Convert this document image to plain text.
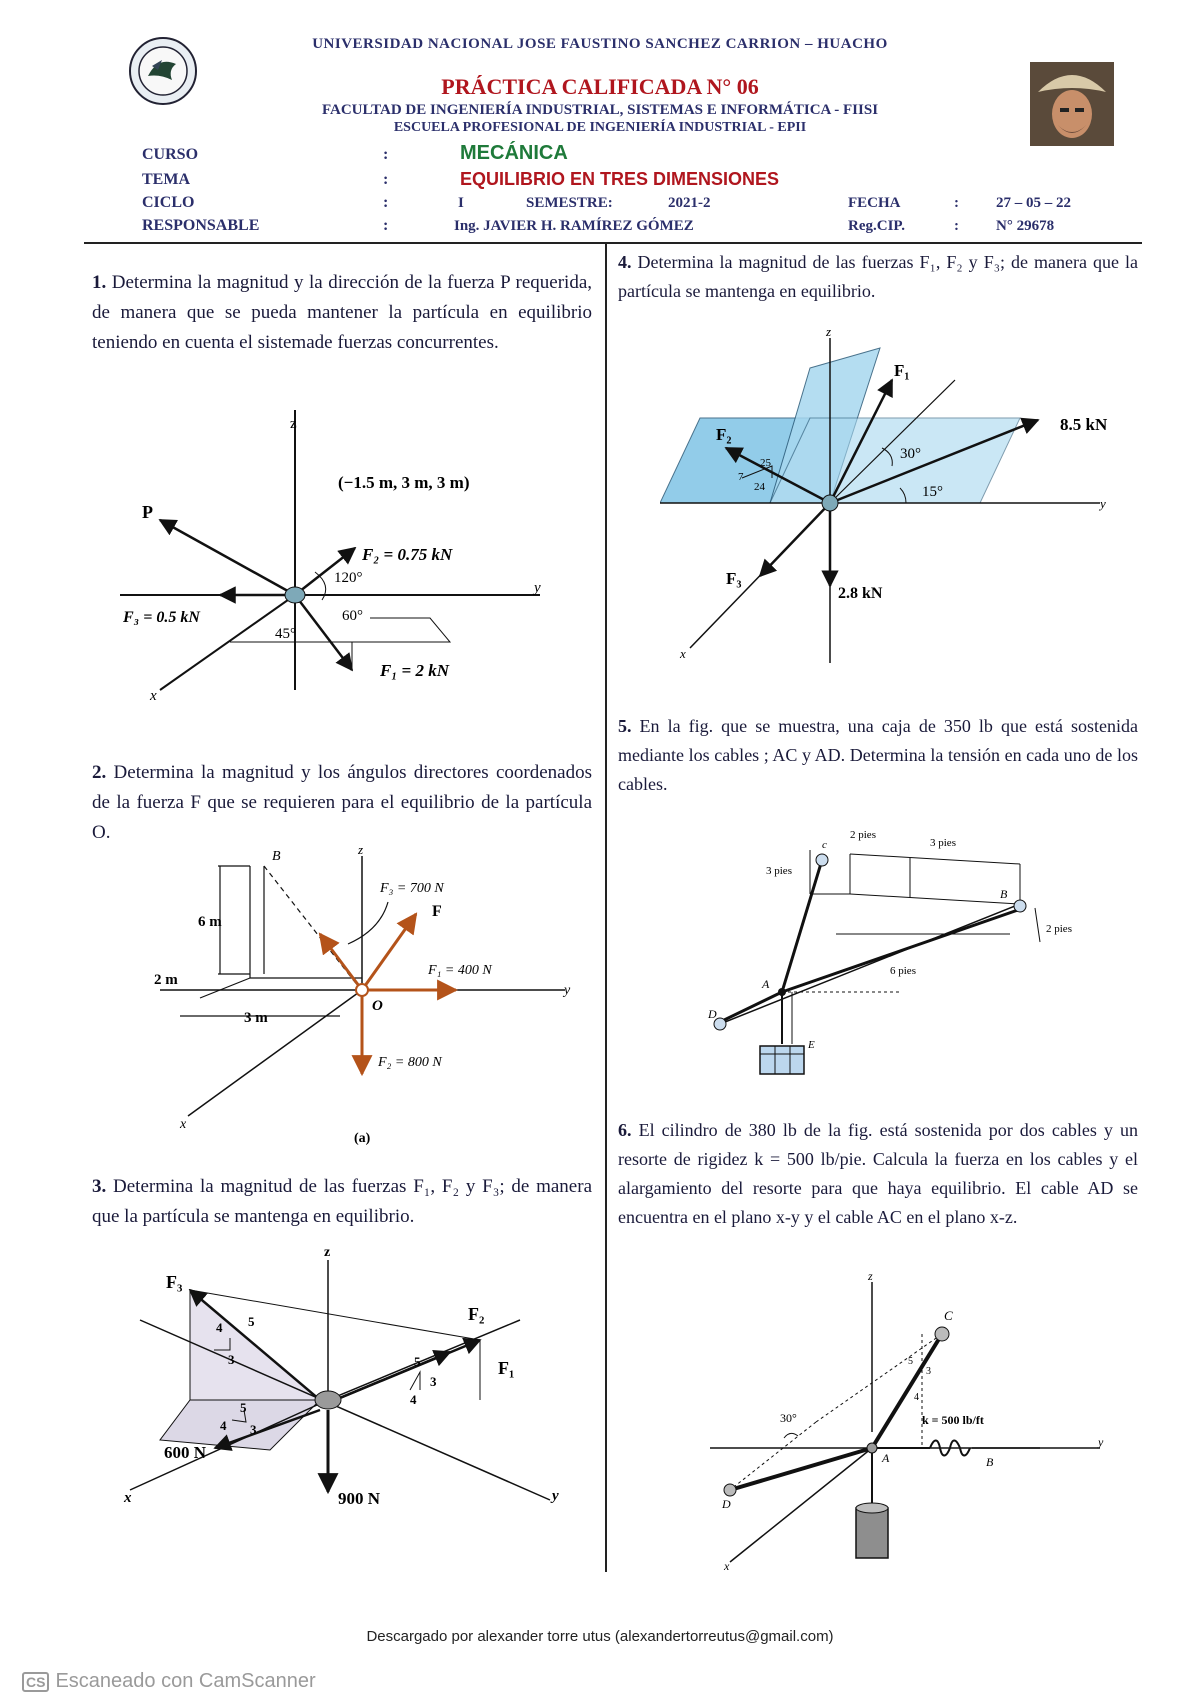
UNIVERSIDAD NACIONAL JOSE FAUSTINO SANCHEZ CARRION – HUACHO
PRÁCTICA CALIFICADA N° 06
FACULTAD DE INGENIERÍA INDUSTRIAL, SISTEMAS E INFORMÁTICA - FIISI
ESCUELA PROFESIONAL DE INGENIERÍA INDUSTRIAL - EPII
CURSO	:	MECÁNICA
TEMA	:	EQUILIBRIO EN TRES DIMENSIONES
CICLO	:	I	SEMESTRE:	2021-2	FECHA	: 27 – 05 – 22
RESPONSABLE	:	Ing. JAVIER H. RAMÍREZ GÓMEZ	Reg.CIP.	: N° 29678
1. Determina la magnitud y la dirección de la fuerza P requerida, de manera que se pueda mantener la partícula en equilibrio teniendo en cuenta el sistemade fuerzas concurrentes.
z
y
x
P
(−1.5 m, 3 m, 3 m)
F₂ = 0.75 kN
F₃ = 0.5 kN
F₁ = 2 kN
120°
60°
45°
2. Determina la magnitud y los ángulos directores coordenados de la fuerza F que se requieren para el equilibrio de la partícula O.
B	z
y
x
F₃ = 700 N
F
F₁ = 400 N
F₂ = 800 N
O
6 m
2 m
3 m
(a)
3. Determina la magnitud de las fuerzas F₁, F₂ y F₃; de manera que la partícula se mantenga en equilibrio.
F₃
z
F₂
F₁
600 N
x	y
900 N
4 5
3	5
3
4
5
4 3
4. Determina la magnitud de las fuerzas F₁, F₂ y F₃; de manera que la partícula se mantenga en equilibrio.
z
F₁
8.5 kN
F₂
30°
15°
25
7
24
y
F₃
2.8 kN
x
5. En la fig. que se muestra, una caja de 350 lb que está sostenida mediante los cables ; AC y AD. Determina la tensión en cada uno de los cables.
c
2 pies
3 pies
3 pies
B
2 pies
6 pies
A
D
E
6. El cilindro de 380 lb de la fig. está sostenida por dos cables y un resorte de rigidez k = 500 lb/pie. Calcula la fuerza en los cables y el alargamiento del resorte para que haya equilibrio. El cable AD se encuentra en el plano x-y y el cable AC en el plano x-z.
z
C
30°	k = 500 lb/ft
y
A	B
D
x
5
3
4
Descargado por alexander torre utus (alexandertorreutus@gmail.com)
CS Escaneado con CamScanner
